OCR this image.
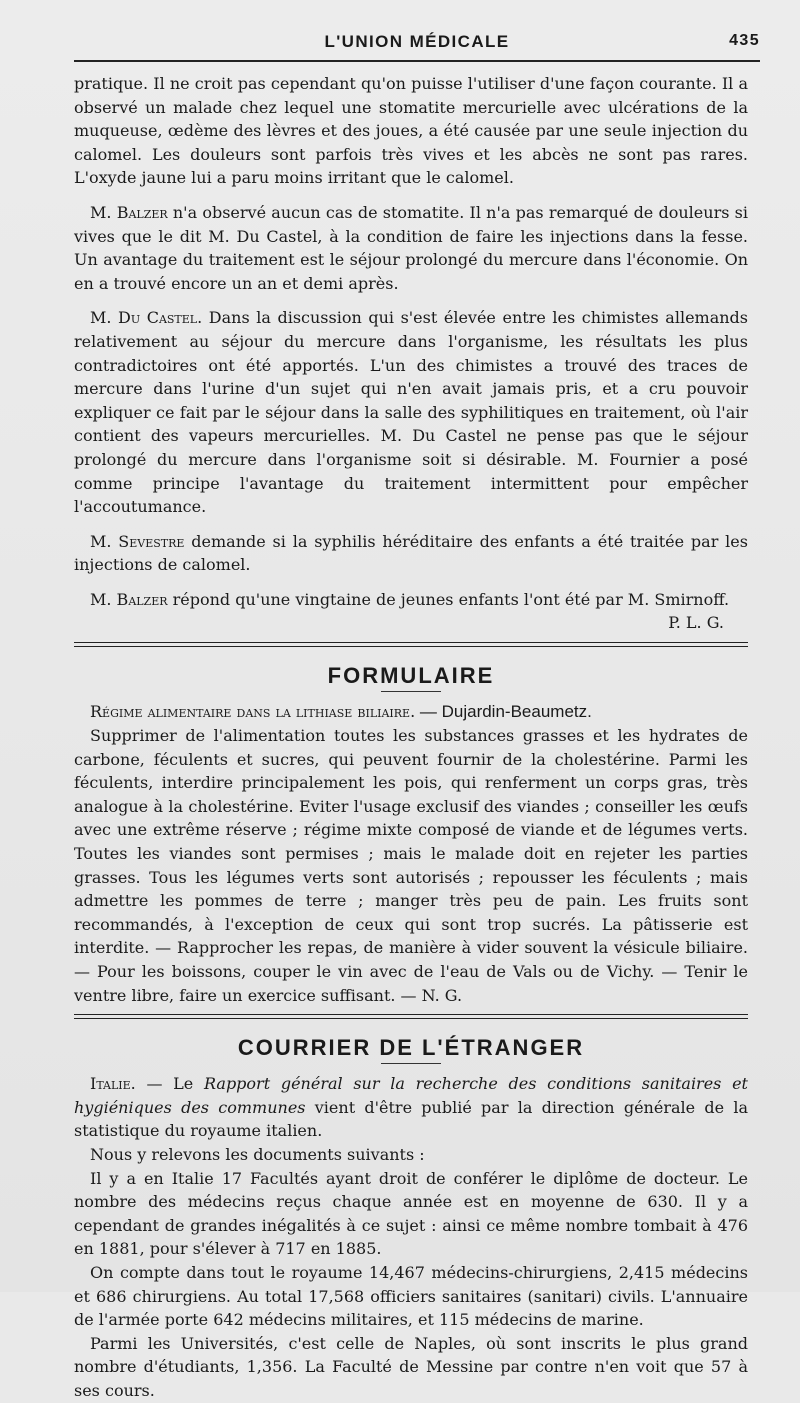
L'UNION MÉDICALE	435

pratique. Il ne croit pas cependant qu'on puisse l'utiliser d'une façon courante. Il a observé un malade chez lequel une stomatite mercurielle avec ulcérations de la muqueuse, œdème des lèvres et des joues, a été causée par une seule injection du calomel. Les douleurs sont parfois très vives et les abcès ne sont pas rares. L'oxyde jaune lui a paru moins irritant que le calomel.

M. Balzer n'a observé aucun cas de stomatite. Il n'a pas remarqué de douleurs si vives que le dit M. Du Castel, à la condition de faire les injections dans la fesse. Un avantage du traitement est le séjour prolongé du mercure dans l'économie. On en a trouvé encore un an et demi après.

M. Du Castel. Dans la discussion qui s'est élevée entre les chimistes allemands relativement au séjour du mercure dans l'organisme, les résultats les plus contradictoires ont été apportés. L'un des chimistes a trouvé des traces de mercure dans l'urine d'un sujet qui n'en avait jamais pris, et a cru pouvoir expliquer ce fait par le séjour dans la salle des syphilitiques en traitement, où l'air contient des vapeurs mercurielles. M. Du Castel ne pense pas que le séjour prolongé du mercure dans l'organisme soit si désirable. M. Fournier a posé comme principe l'avantage du traitement intermittent pour empêcher l'accoutumance.

M. Sevestre demande si la syphilis héréditaire des enfants a été traitée par les injections de calomel.

M. Balzer répond qu'une vingtaine de jeunes enfants l'ont été par M. Smirnoff.

P. L. G.

FORMULAIRE

Régime alimentaire dans la lithiase biliaire. — Dujardin-Beaumetz.

Supprimer de l'alimentation toutes les substances grasses et les hydrates de carbone, féculents et sucres, qui peuvent fournir de la cholestérine. Parmi les féculents, interdire principalement les pois, qui renferment un corps gras, très analogue à la cholestérine. Eviter l'usage exclusif des viandes ; conseiller les œufs avec une extrême réserve ; régime mixte composé de viande et de légumes verts. Toutes les viandes sont permises ; mais le malade doit en rejeter les parties grasses. Tous les légumes verts sont autorisés ; repousser les féculents ; mais admettre les pommes de terre ; manger très peu de pain. Les fruits sont recommandés, à l'exception de ceux qui sont trop sucrés. La pâtisserie est interdite. — Rapprocher les repas, de manière à vider souvent la vésicule biliaire. — Pour les boissons, couper le vin avec de l'eau de Vals ou de Vichy. — Tenir le ventre libre, faire un exercice suffisant. — N. G.

COURRIER DE L'ÉTRANGER

Italie. — Le Rapport général sur la recherche des conditions sanitaires et hygiéniques des communes vient d'être publié par la direction générale de la statistique du royaume italien.

Nous y relevons les documents suivants :

Il y a en Italie 17 Facultés ayant droit de conférer le diplôme de docteur. Le nombre des médecins reçus chaque année est en moyenne de 630. Il y a cependant de grandes inégalités à ce sujet : ainsi ce même nombre tombait à 476 en 1881, pour s'élever à 717 en 1885.

On compte dans tout le royaume 14,467 médecins-chirurgiens, 2,415 médecins et 686 chirurgiens. Au total 17,568 officiers sanitaires (sanitari) civils. L'annuaire de l'armée porte 642 médecins militaires, et 115 médecins de marine.

Parmi les Universités, c'est celle de Naples, où sont inscrits le plus grand nombre d'étudiants, 1,356. La Faculté de Messine par contre n'en voit que 57 à ses cours.
